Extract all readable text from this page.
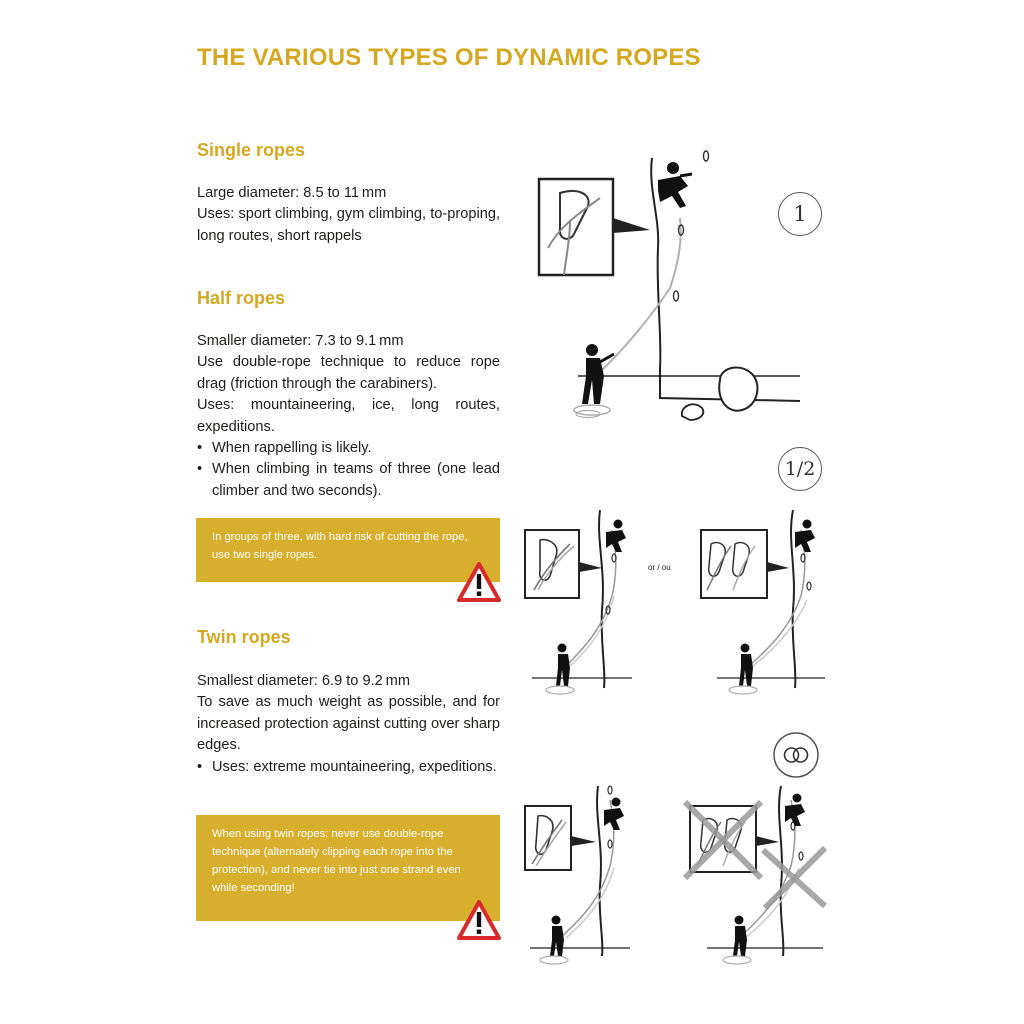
THE VARIOUS TYPES OF DYNAMIC ROPES
Single ropes
Large diameter: 8.5 to 11 mm
Uses: sport climbing, gym climbing, to-proping, long routes, short rappels
Half ropes
Smaller diameter: 7.3 to 9.1 mm
Use double-rope technique to reduce rope drag (friction through the carabiners).
Uses: mountaineering, ice, long routes, expeditions.
• When rappelling is likely.
• When climbing in teams of three (one lead climber and two seconds).
In groups of three, with hard risk of cutting the rope, use two single ropes.
Twin ropes
Smallest diameter: 6.9 to 9.2 mm
To save as much weight as possible, and for increased protection against cutting over sharp edges.
• Uses: extreme mountaineering, expeditions.
When using twin ropes: never use double-rope technique (alternately clipping each rope into the protection), and never tie into just one strand even while seconding!
1
1/2
or / ou
